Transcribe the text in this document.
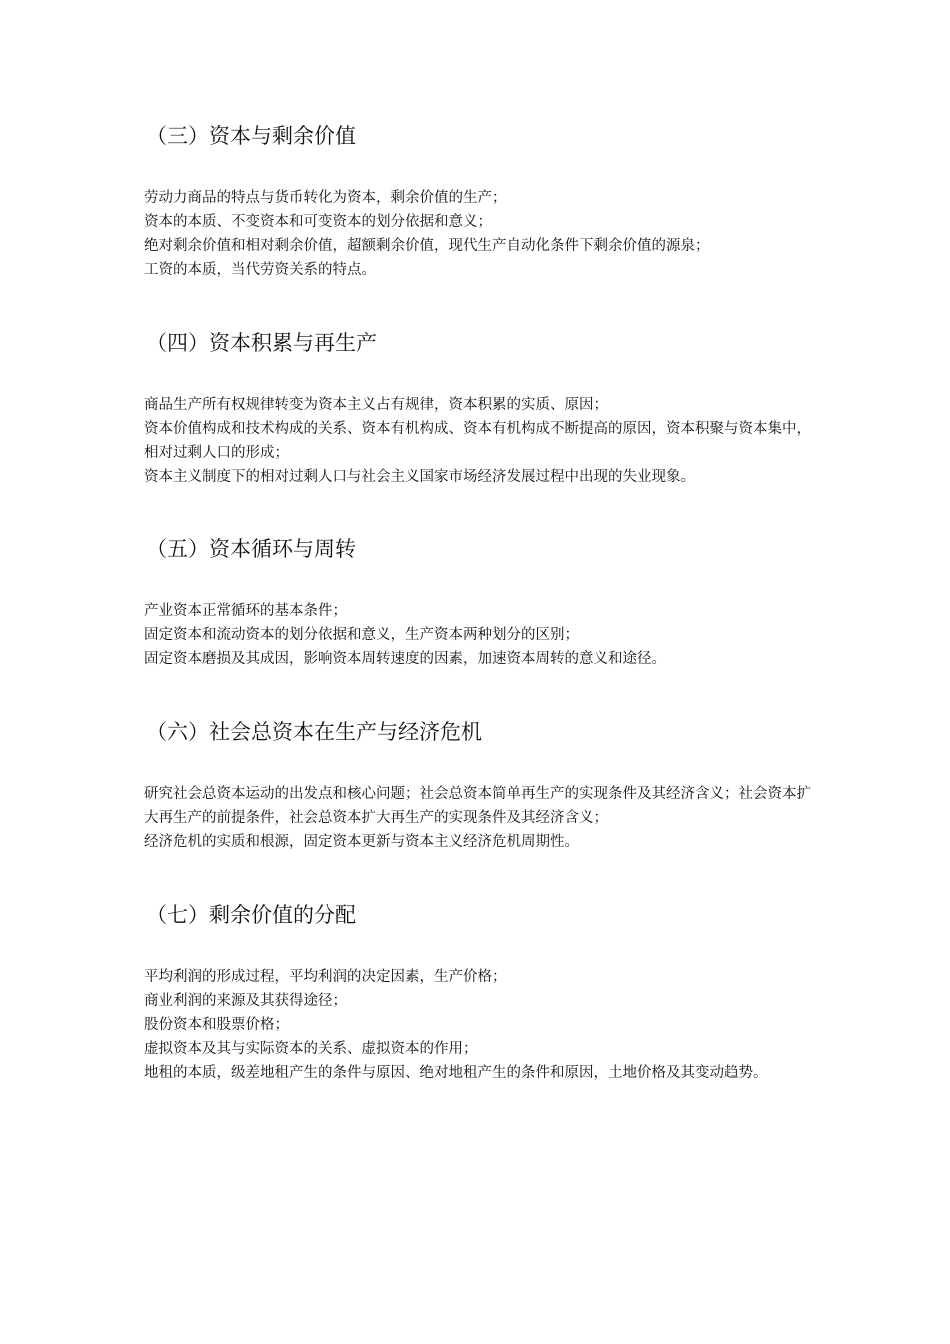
（三）资本与剩余价值

劳动力商品的特点与货币转化为资本，剩余价值的生产；

资本的本质、不变资本和可变资本的划分依据和意义；

绝对剩余价值和相对剩余价值，超额剩余价值，现代生产自动化条件下剩余价值的源泉；

工资的本质，当代劳资关系的特点。

（四）资本积累与再生产

商品生产所有权规律转变为资本主义占有规律，资本积累的实质、原因；

资本价值构成和技术构成的关系、资本有机构成、资本有机构成不断提高的原因，资本积聚与资本集中，相对过剩人口的形成；

资本主义制度下的相对过剩人口与社会主义国家市场经济发展过程中出现的失业现象。

（五）资本循环与周转

产业资本正常循环的基本条件；

固定资本和流动资本的划分依据和意义，生产资本两种划分的区别；

固定资本磨损及其成因，影响资本周转速度的因素，加速资本周转的意义和途径。

（六）社会总资本在生产与经济危机

研究社会总资本运动的出发点和核心问题；社会总资本简单再生产的实现条件及其经济含义；社会资本扩大再生产的前提条件，社会总资本扩大再生产的实现条件及其经济含义；

经济危机的实质和根源，固定资本更新与资本主义经济危机周期性。

（七）剩余价值的分配

平均利润的形成过程，平均利润的决定因素，生产价格；

商业利润的来源及其获得途径；

股份资本和股票价格；

虚拟资本及其与实际资本的关系、虚拟资本的作用；

地租的本质，级差地租产生的条件与原因、绝对地租产生的条件和原因，土地价格及其变动趋势。
